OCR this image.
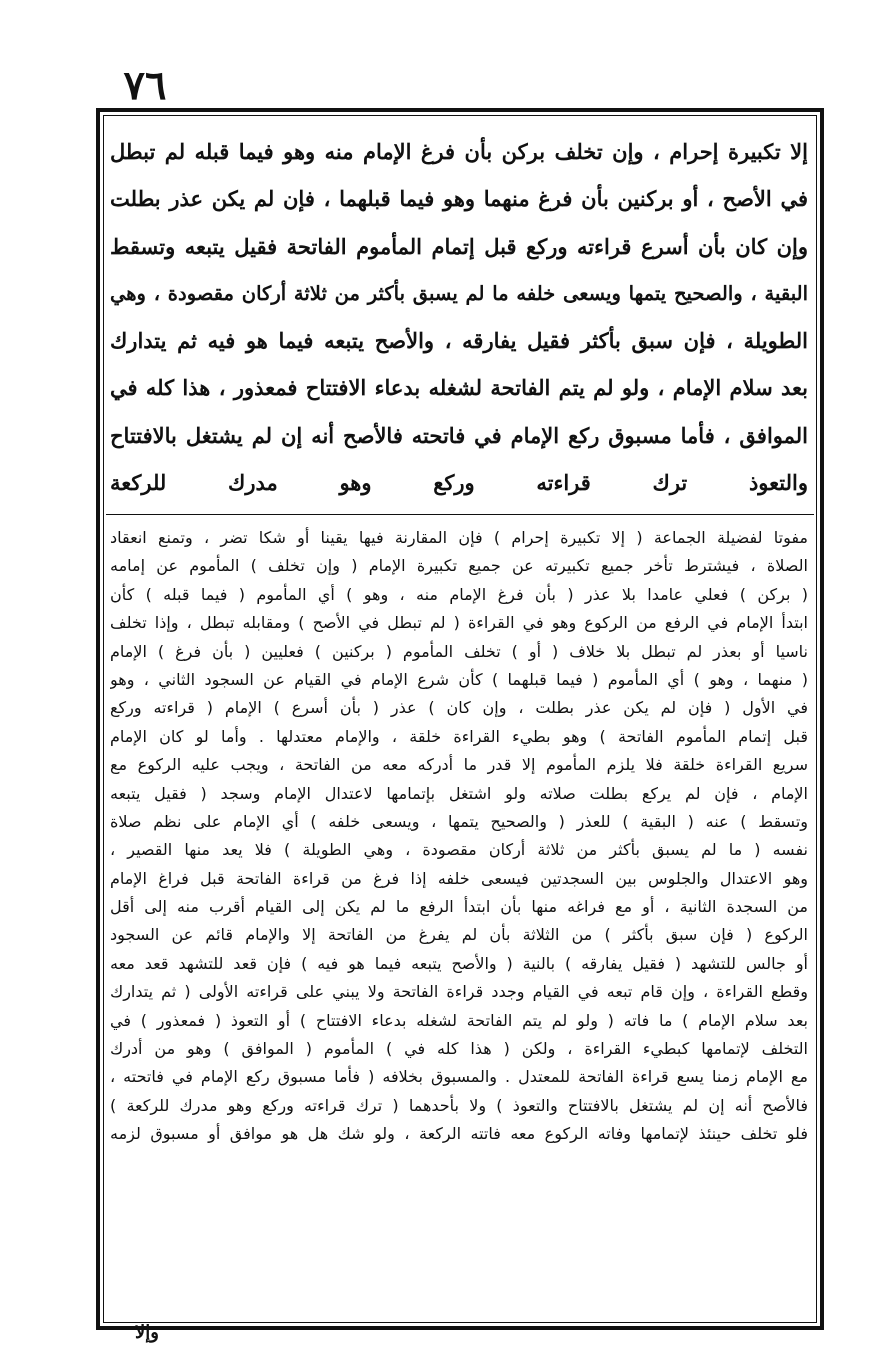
٧٦
إلا تكبيرة إحرام ، وإن تخلف بركن بأن فرغ الإمام منه وهو فيما قبله لم تبطل
في الأصح ، أو بركنين بأن فرغ منهما وهو فيما قبلهما ، فإن لم يكن عذر بطلت
وإن كان بأن أسرع قراءته وركع قبل إتمام المأموم الفاتحة فقيل يتبعه وتسقط
البقية ، والصحيح يتمها ويسعى خلفه ما لم يسبق بأكثر من ثلاثة أركان مقصودة ، وهي
الطويلة ، فإن سبق بأكثر فقيل يفارقه ، والأصح يتبعه فيما هو فيه ثم يتدارك
بعد سلام الإمام ، ولو لم يتم الفاتحة لشغله بدعاء الافتتاح فمعذور ، هذا كله في
الموافق ، فأما مسبوق ركع الإمام في فاتحته فالأصح أنه إن لم يشتغل بالافتتاح
والتعوذ ترك قراءته وركع وهو مدرك للركعة
مفوتا لفضيلة الجماعة ( إلا تكبيرة إحرام ) فإن المقارنة فيها يقينا أو شكا تضر ، وتمنع انعقاد
الصلاة ، فيشترط تأخر جميع تكبيرته عن جميع تكبيرة الإمام ( وإن تخلف ) المأموم عن إمامه
( بركن ) فعلي عامدا بلا عذر ( بأن فرغ الإمام منه ، وهو ) أي المأموم ( فيما قبله ) كأن
ابتدأ الإمام في الرفع من الركوع وهو في القراءة ( لم تبطل في الأصح ) ومقابله تبطل ، وإذا تخلف
ناسيا أو بعذر لم تبطل بلا خلاف ( أو ) تخلف المأموم ( بركنين ) فعليين ( بأن فرغ ) الإمام
( منهما ، وهو ) أي المأموم ( فيما قبلهما ) كأن شرع الإمام في القيام عن السجود الثاني ، وهو
في الأول ( فإن لم يكن عذر بطلت ، وإن كان ) عذر ( بأن أسرع ) الإمام ( قراءته وركع
قبل إتمام المأموم الفاتحة ) وهو بطيء القراءة خلقة ، والإمام معتدلها . وأما لو كان الإمام
سريع القراءة خلقة فلا يلزم المأموم إلا قدر ما أدركه معه من الفاتحة ، ويجب عليه الركوع مع
الإمام ، فإن لم يركع بطلت صلاته ولو اشتغل بإتمامها لاعتدال الإمام وسجد ( فقيل يتبعه
وتسقط ) عنه ( البقية ) للعذر ( والصحيح يتمها ، ويسعى خلفه ) أي الإمام على نظم صلاة
نفسه ( ما لم يسبق بأكثر من ثلاثة أركان مقصودة ، وهي الطويلة ) فلا يعد منها القصير ،
وهو الاعتدال والجلوس بين السجدتين فيسعى خلفه إذا فرغ من قراءة الفاتحة قبل فراغ الإمام
من السجدة الثانية ، أو مع فراغه منها بأن ابتدأ الرفع ما لم يكن إلى القيام أقرب منه إلى أقل
الركوع ( فإن سبق بأكثر ) من الثلاثة بأن لم يفرغ من الفاتحة إلا والإمام قائم عن السجود
أو جالس للتشهد ( فقيل يفارقه ) بالنية ( والأصح يتبعه فيما هو فيه ) فإن قعد للتشهد قعد معه
وقطع القراءة ، وإن قام تبعه في القيام وجدد قراءة الفاتحة ولا يبني على قراءته الأولى ( ثم يتدارك
بعد سلام الإمام ) ما فاته ( ولو لم يتم الفاتحة لشغله بدعاء الافتتاح ) أو التعوذ ( فمعذور ) في
التخلف لإتمامها كبطيء القراءة ، ولكن ( هذا كله في ) المأموم ( الموافق ) وهو من أدرك
مع الإمام زمنا يسع قراءة الفاتحة للمعتدل . والمسبوق بخلافه ( فأما مسبوق ركع الإمام في فاتحته ،
فالأصح أنه إن لم يشتغل بالافتتاح والتعوذ ) ولا بأحدهما ( ترك قراءته وركع وهو مدرك للركعة )
فلو تخلف حينئذ لإتمامها وفاته الركوع معه فاتته الركعة ، ولو شك هل هو موافق أو مسبوق لزمه
وإلا
